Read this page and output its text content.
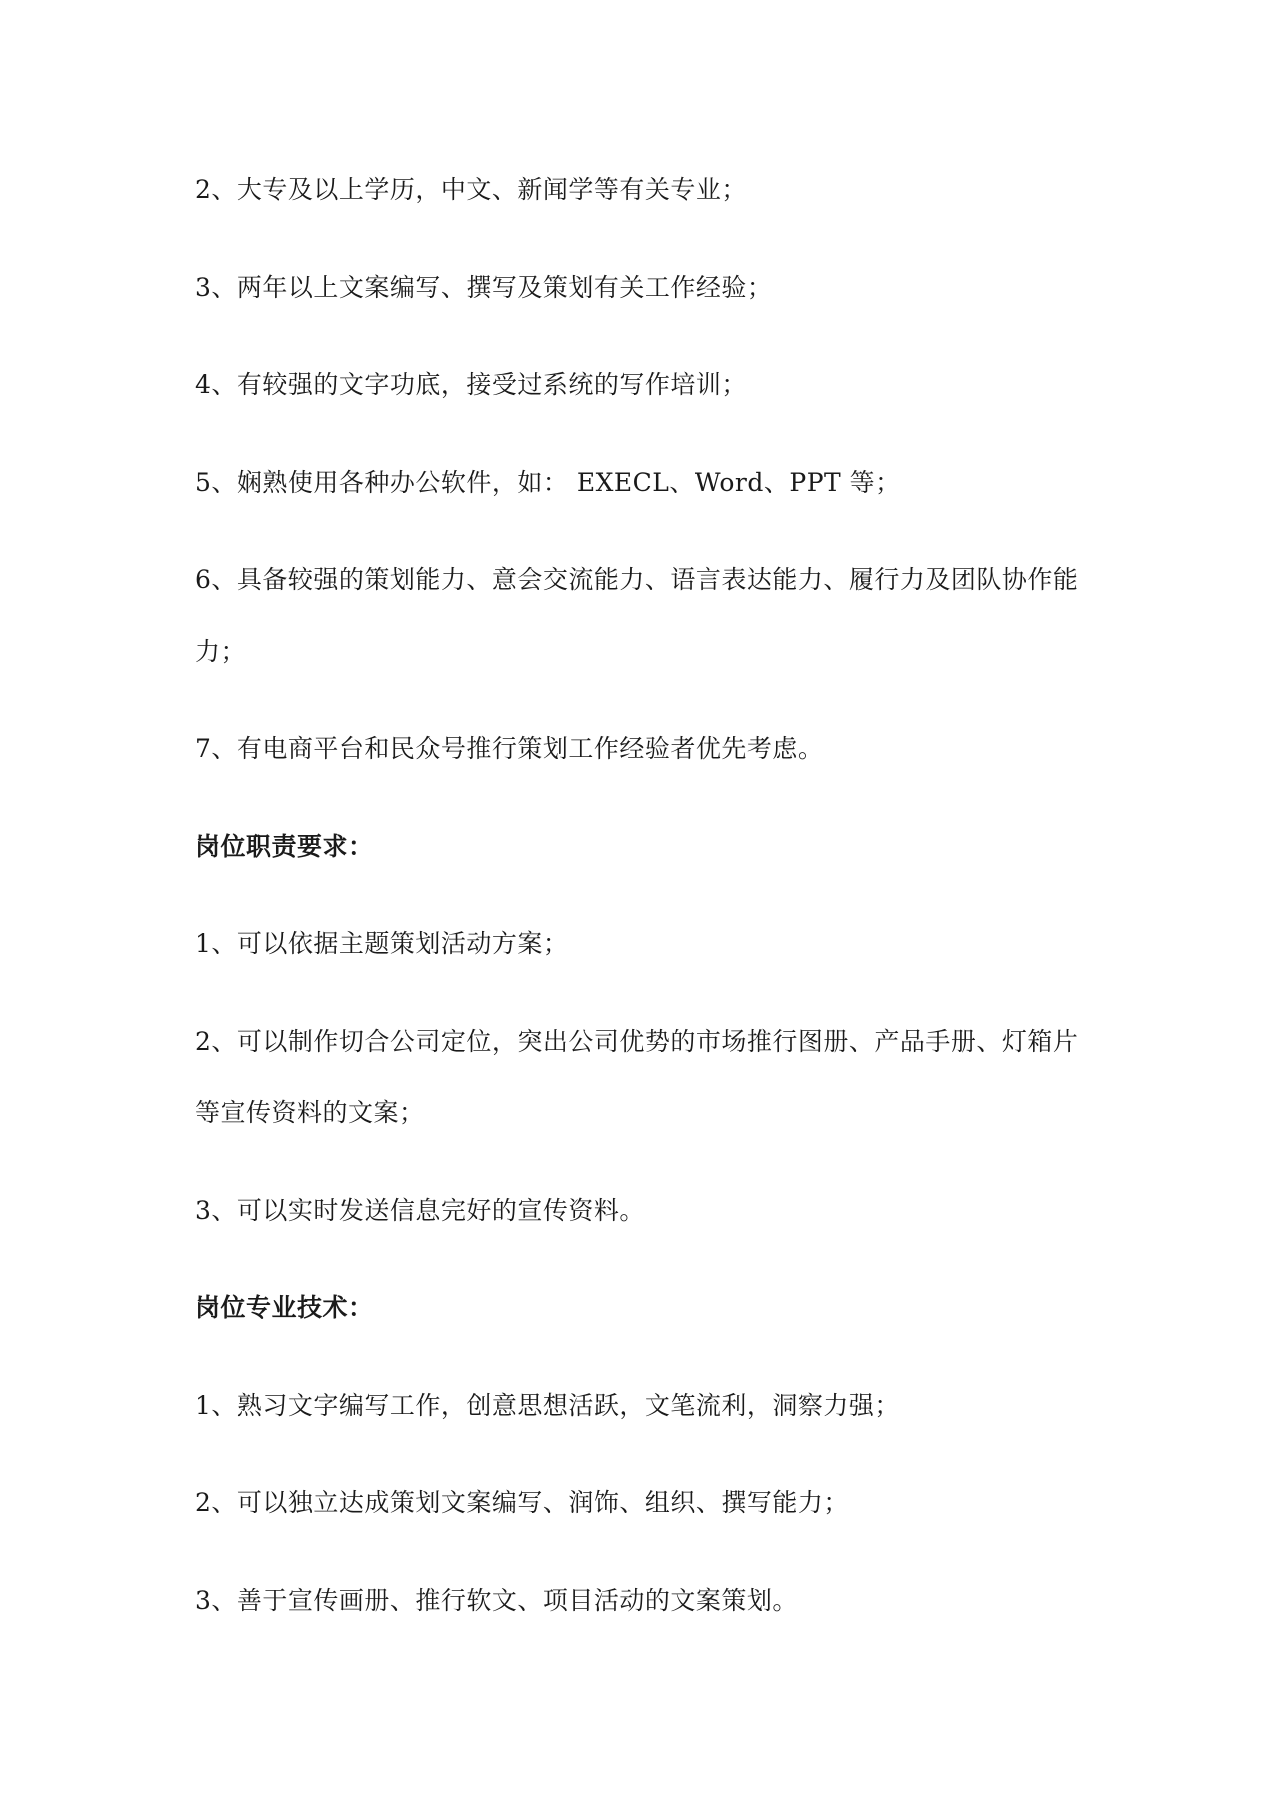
2、大专及以上学历，中文、新闻学等有关专业；
3、两年以上文案编写、撰写及策划有关工作经验；
4、有较强的文字功底，接受过系统的写作培训；
5、娴熟使用各种办公软件，如： EXECL、Word、PPT 等；
6、具备较强的策划能力、意会交流能力、语言表达能力、履行力及团队协作能
力；
7、有电商平台和民众号推行策划工作经验者优先考虑。
岗位职责要求：
1、可以依据主题策划活动方案；
2、可以制作切合公司定位，突出公司优势的市场推行图册、产品手册、灯箱片
等宣传资料的文案；
3、可以实时发送信息完好的宣传资料。
岗位专业技术：
1、熟习文字编写工作，创意思想活跃，文笔流利，洞察力强；
2、可以独立达成策划文案编写、润饰、组织、撰写能力；
3、善于宣传画册、推行软文、项目活动的文案策划。
